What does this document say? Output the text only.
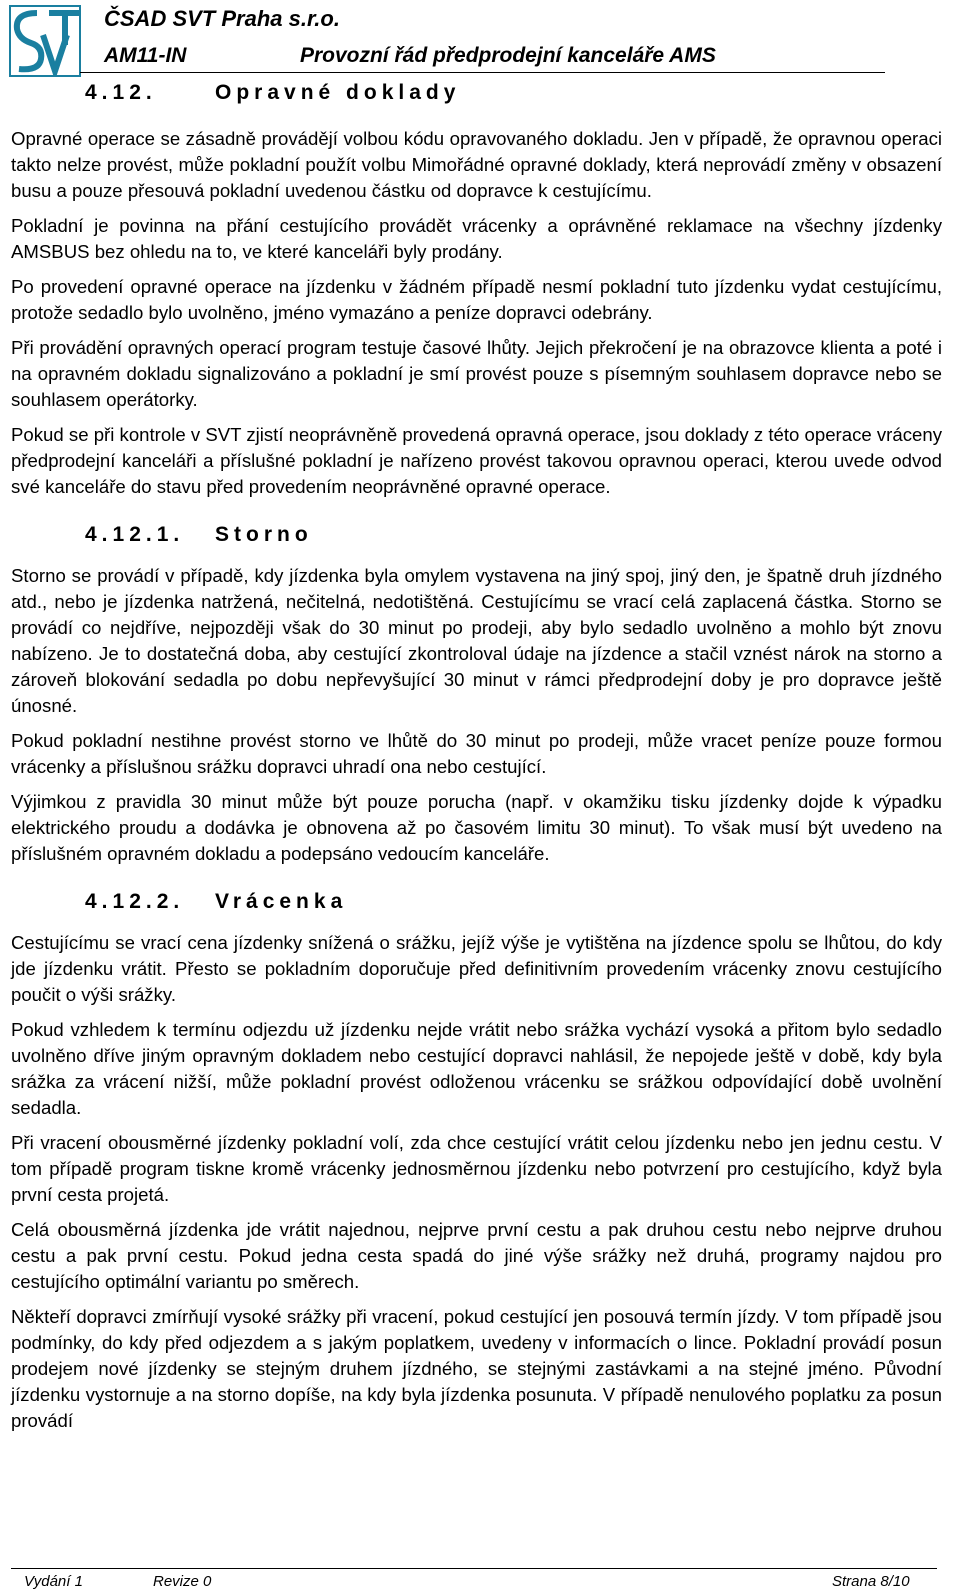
ČSAD SVT Praha s.r.o.
AM11-IN	Provozní řád předprodejní kanceláře AMS
4.12.	Opravné doklady

Opravné operace se zásadně provádějí volbou kódu opravovaného dokladu. Jen v případě, že opravnou operaci takto nelze provést, může pokladní použít volbu Mimořádné opravné doklady, která neprovádí změny v obsazení busu a pouze přesouvá pokladní uvedenou částku od dopravce k cestujícímu.

Pokladní je povinna na přání cestujícího provádět vrácenky a oprávněné reklamace na všechny jízdenky AMSBUS bez ohledu na to, ve které kanceláři byly prodány.

Po provedení opravné operace na jízdenku v žádném případě nesmí pokladní tuto jízdenku vydat cestujícímu, protože sedadlo bylo uvolněno, jméno vymazáno a peníze dopravci odebrány.

Při provádění opravných operací program testuje časové lhůty. Jejich překročení je na obrazovce klienta a poté i na opravném dokladu signalizováno a pokladní je smí provést pouze s písemným souhlasem dopravce nebo se souhlasem operátorky.

Pokud se při kontrole v SVT zjistí neoprávněně provedená opravná operace, jsou doklady z této operace vráceny předprodejní kanceláři a příslušné pokladní je nařízeno provést takovou opravnou operaci, kterou uvede odvod své kanceláře do stavu před provedením neoprávněné opravné operace.

4.12.1. Storno

Storno se provádí v případě, kdy jízdenka byla omylem vystavena na jiný spoj, jiný den, je špatně druh jízdného atd., nebo je jízdenka natržená, nečitelná, nedotištěná. Cestujícímu se vrací celá zaplacená částka. Storno se provádí co nejdříve, nejpozději však do 30 minut po prodeji, aby bylo sedadlo uvolněno a mohlo být znovu nabízeno. Je to dostatečná doba, aby cestující zkontroloval údaje na jízdence a stačil vznést nárok na storno a zároveň blokování sedadla po dobu nepřevyšující 30 minut v rámci předprodejní doby je pro dopravce ještě únosné.

Pokud pokladní nestihne provést storno ve lhůtě do 30 minut po prodeji, může vracet peníze pouze formou vrácenky a příslušnou srážku dopravci uhradí ona nebo cestující.

Výjimkou z pravidla 30 minut může být pouze porucha (např. v okamžiku tisku jízdenky dojde k výpadku elektrického proudu a dodávka je obnovena až po časovém limitu 30 minut). To však musí být uvedeno na příslušném opravném dokladu a podepsáno vedoucím kanceláře.

4.12.2. Vrácenka

Cestujícímu se vrací cena jízdenky snížená o srážku, jejíž výše je vytištěna na jízdence spolu se lhůtou, do kdy jde jízdenku vrátit. Přesto se pokladním doporučuje před definitivním provedením vrácenky znovu cestujícího poučit o výši srážky.

Pokud vzhledem k termínu odjezdu už jízdenku nejde vrátit nebo srážka vychází vysoká a přitom bylo sedadlo uvolněno dříve jiným opravným dokladem nebo cestující dopravci nahlásil, že nepojede ještě v době, kdy byla srážka za vrácení nižší, může pokladní provést odloženou vrácenku se srážkou odpovídající době uvolnění sedadla.

Při vracení obousměrné jízdenky pokladní volí, zda chce cestující vrátit celou jízdenku nebo jen jednu cestu. V tom případě program tiskne kromě vrácenky jednosměrnou jízdenku nebo potvrzení pro cestujícího, když byla první cesta projetá.

Celá obousměrná jízdenka jde vrátit najednou, nejprve první cestu a pak druhou cestu nebo nejprve druhou cestu a pak první cestu. Pokud jedna cesta spadá do jiné výše srážky než druhá, programy najdou pro cestujícího optimální variantu po směrech.

Někteří dopravci zmírňují vysoké srážky při vracení, pokud cestující jen posouvá termín jízdy. V tom případě jsou podmínky, do kdy před odjezdem a s jakým poplatkem, uvedeny v informacích o lince. Pokladní provádí posun prodejem nové jízdenky se stejným druhem jízdného, se stejnými zastávkami a na stejné jméno. Původní jízdenku vystornuje a na storno dopíše, na kdy byla jízdenka posunuta. V případě nenulového poplatku za posun provádí

Vydání 1	Revize 0	Strana 8/10
